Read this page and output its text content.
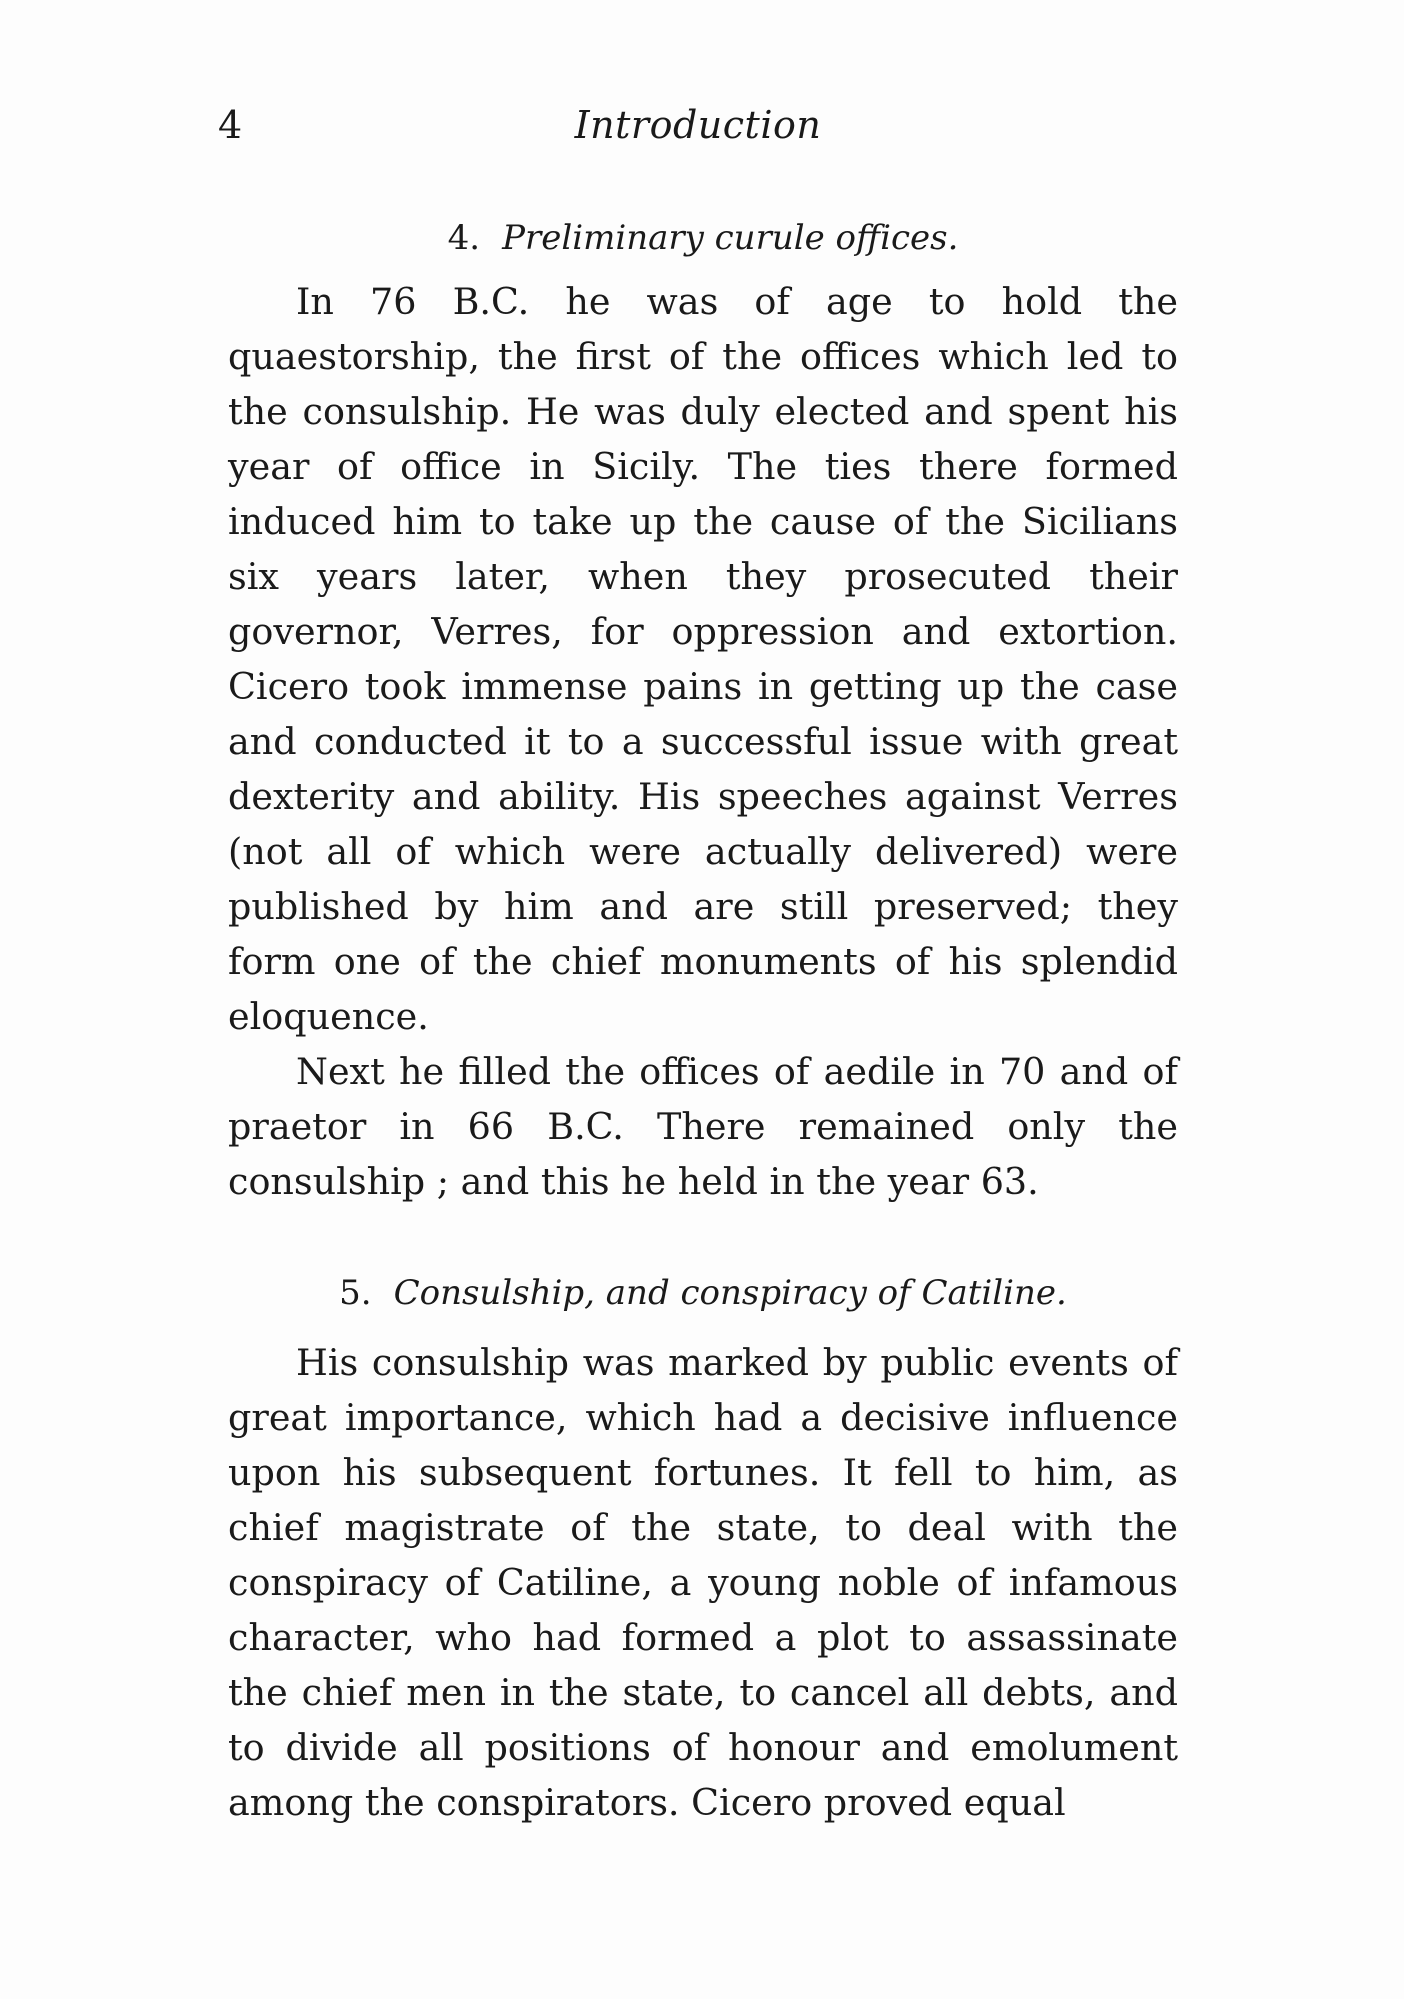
4	Introduction
4. Preliminary curule offices.

In 76 B.C. he was of age to hold the quaestorship, the first of the offices which led to the consulship. He was duly elected and spent his year of office in Sicily. The ties there formed induced him to take up the cause of the Sicilians six years later, when they prosecuted their governor, Verres, for oppression and extortion. Cicero took immense pains in getting up the case and conducted it to a successful issue with great dexterity and ability. His speeches against Verres (not all of which were actually delivered) were published by him and are still preserved; they form one of the chief monuments of his splendid eloquence.

Next he filled the offices of aedile in 70 and of praetor in 66 B.C. There remained only the consulship ; and this he held in the year 63.

5. Consulship, and conspiracy of Catiline.

His consulship was marked by public events of great importance, which had a decisive influence upon his subsequent fortunes. It fell to him, as chief magistrate of the state, to deal with the conspiracy of Catiline, a young noble of infamous character, who had formed a plot to assassinate the chief men in the state, to cancel all debts, and to divide all positions of honour and emolument among the conspirators. Cicero proved equal
